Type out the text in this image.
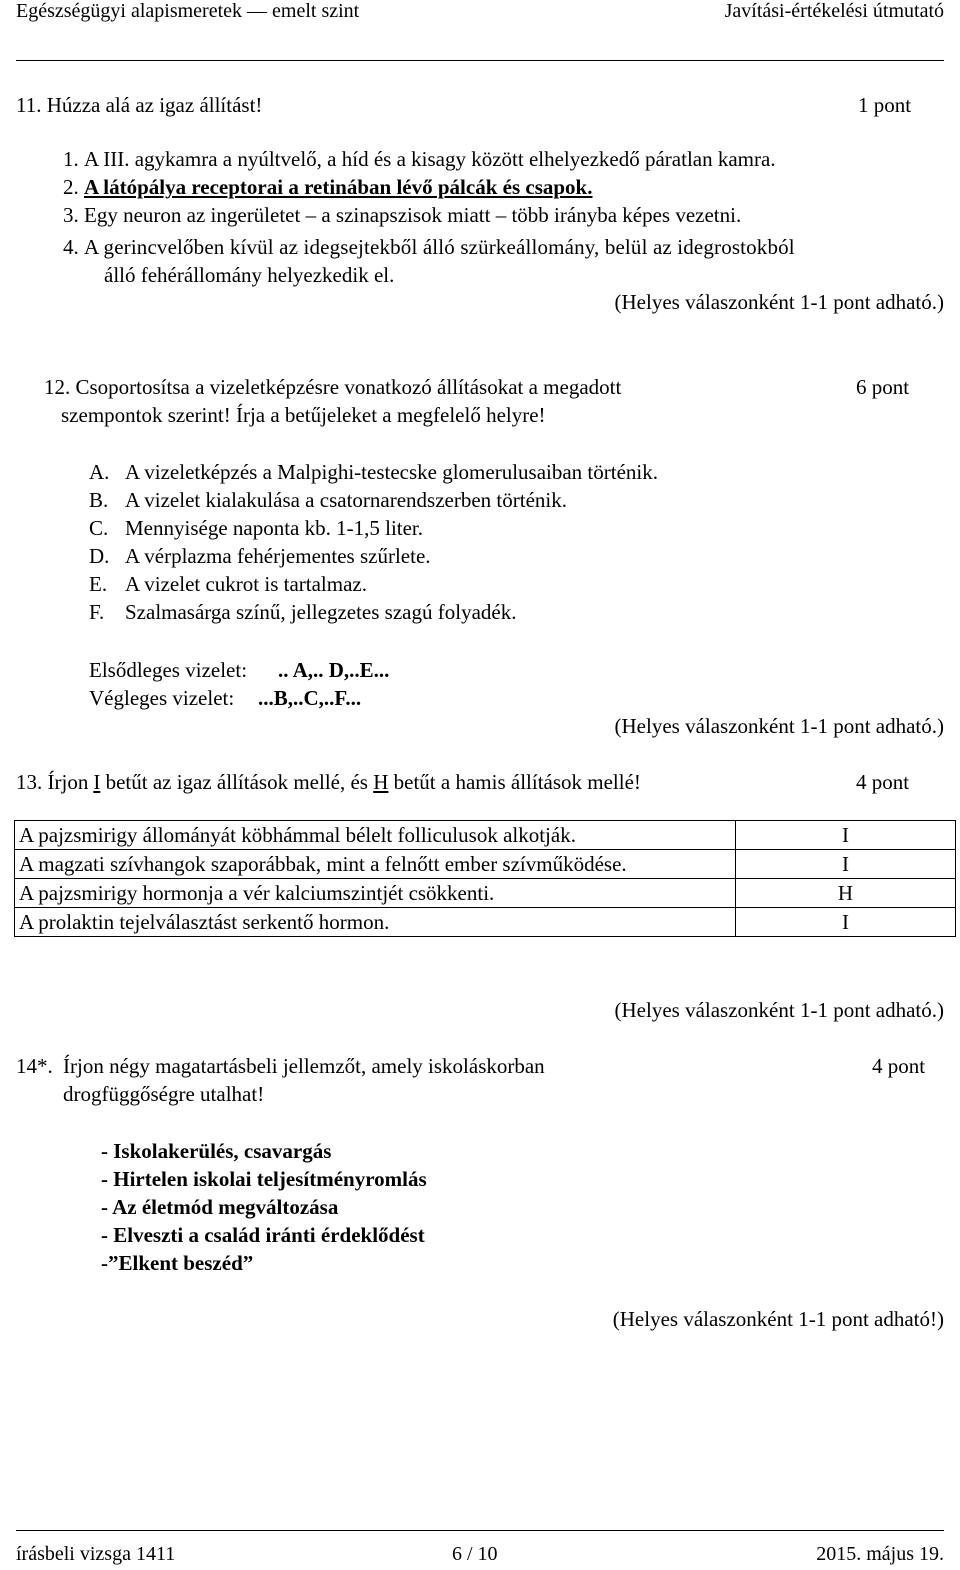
Egészségügyi alapismeretek — emelt szint	Javítási-értékelési útmutató
11. Húzza alá az igaz állítást!	1 pont
1. A III. agykamra a nyúltvelő, a híd és a kisagy között elhelyezkedő páratlan kamra.
2. A látópálya receptorai a retinában lévő pálcák és csapok.
3. Egy neuron az ingerületet – a szinapszisok miatt – több irányba képes vezetni.
4. A gerincvelőben kívül az idegsejtekből álló szürkeállomány, belül az idegrostokból
álló fehérállomány helyezkedik el.
(Helyes válaszonként 1-1 pont adható.)
12. Csoportosítsa a vizeletképzésre vonatkozó állításokat a megadott	6 pont
szempontok szerint! Írja a betűjeleket a megfelelő helyre!
A. A vizeletképzés a Malpighi-testecske glomerulusaiban történik.
B. A vizelet kialakulása a csatornarendszerben történik.
C. Mennyisége naponta kb. 1-1,5 liter.
D. A vérplazma fehérjementes szűrlete.
E. A vizelet cukrot is tartalmaz.
F. Szalmasárga színű, jellegzetes szagú folyadék.
Elsődleges vizelet: .. A,.. D,..E...
Végleges vizelet: ...B,..C,..F...
(Helyes válaszonként 1-1 pont adható.)
13. Írjon I betűt az igaz állítások mellé, és H betűt a hamis állítások mellé!	4 pont
A pajzsmirigy állományát köbhámmal bélelt folliculusok alkotják.	I
A magzati szívhangok szaporábbak, mint a felnőtt ember szívműködése.	I
A pajzsmirigy hormonja a vér kalciumszintjét csökkenti.	H
A prolaktin tejelválasztást serkentő hormon.	I
(Helyes válaszonként 1-1 pont adható.)
14*. Írjon négy magatartásbeli jellemzőt, amely iskoláskorban	4 pont
drogfüggőségre utalhat!
- Iskolakerülés, csavargás
- Hirtelen iskolai teljesítményromlás
- Az életmód megváltozása
- Elveszti a család iránti érdeklődést
-”Elkent beszéd”
(Helyes válaszonként 1-1 pont adható!)
írásbeli vizsga 1411	6 / 10	2015. május 19.
